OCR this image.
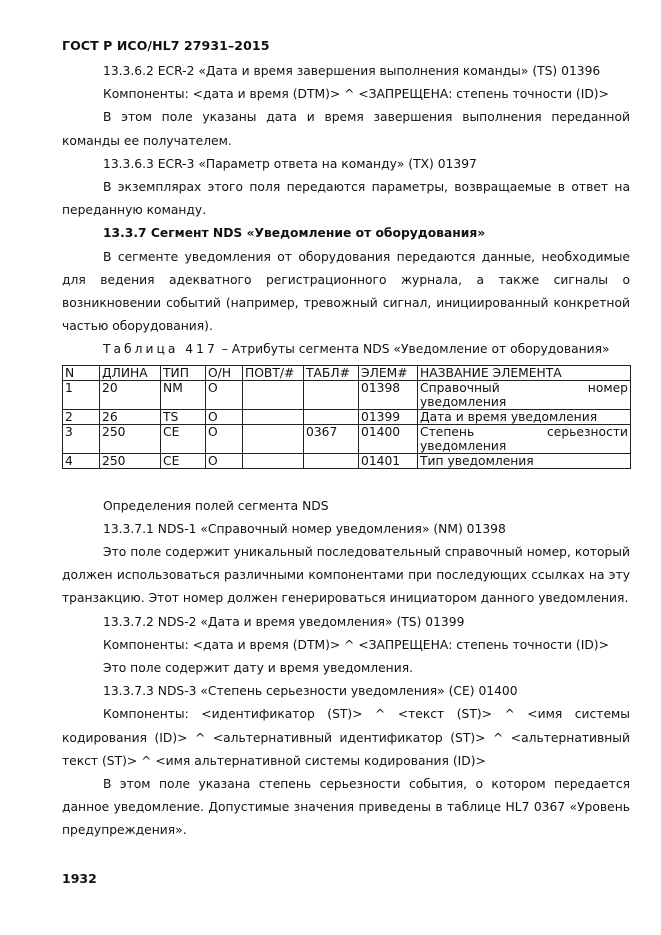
ГОСТ Р ИСО/HL7 27931–2015

13.3.6.2 ECR-2 «Дата и время завершения выполнения команды» (TS) 01396

Компоненты: <дата и время (DTM)> ^ <ЗАПРЕЩЕНА: степень точности (ID)>

В этом поле указаны дата и время завершения выполнения переданной команды ее получателем.

13.3.6.3 ECR-3 «Параметр ответа на команду» (TX) 01397

В экземплярах этого поля передаются параметры, возвращаемые в ответ на переданную команду.

13.3.7 Сегмент NDS «Уведомление от оборудования»

В сегменте уведомления от оборудования передаются данные, необходимые для ведения адекватного регистрационного журнала, а также сигналы о возникновении событий (например, тревожный сигнал, инициированный конкретной частью оборудования).

Таблица 417 – Атрибуты сегмента NDS «Уведомление от оборудования»

N	ДЛИНА	ТИП	О/Н	ПОВТ/#	ТАБЛ#	ЭЛЕМ#	НАЗВАНИЕ ЭЛЕМЕНТА
1	20	NM	О			01398	Справочный номер уведомления
2	26	TS	О			01399	Дата и время уведомления
3	250	CE	О		0367	01400	Степень серьезности уведомления
4	250	CE	О			01401	Тип уведомления

Определения полей сегмента NDS

13.3.7.1 NDS-1 «Справочный номер уведомления» (NM) 01398

Это поле содержит уникальный последовательный справочный номер, который должен использоваться различными компонентами при последующих ссылках на эту транзакцию. Этот номер должен генерироваться инициатором данного уведомления.

13.3.7.2 NDS-2 «Дата и время уведомления» (TS) 01399

Компоненты: <дата и время (DTM)> ^ <ЗАПРЕЩЕНА: степень точности (ID)>

Это поле содержит дату и время уведомления.

13.3.7.3 NDS-3 «Степень серьезности уведомления» (CE) 01400

Компоненты: <идентификатор (ST)> ^ <текст (ST)> ^ <имя системы кодирования (ID)> ^ <альтернативный идентификатор (ST)> ^ <альтернативный текст (ST)> ^ <имя альтернативной системы кодирования (ID)>

В этом поле указана степень серьезности события, о котором передается данное уведомление. Допустимые значения приведены в таблице HL7 0367 «Уровень предупреждения».

1932
